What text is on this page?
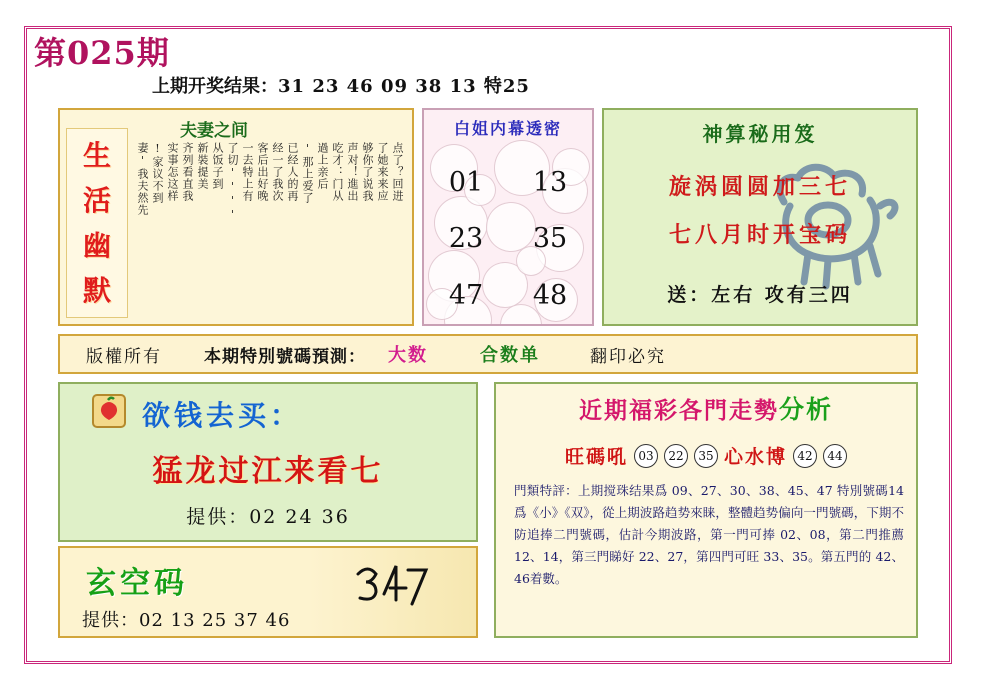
第025期
上期开奖结果：31 23 46 09 38 13 特25
夫妻之间
生
活
幽
默
点了？回进
了她来来应
够你了说我
声对！進出
吃才：门从
過上亲后
'那上爱了
已经人的再
经一了我次
客后出好晚
一去特上有
了切''''
从饭子到
新裝提美
齐列看直我
实事怎这样
!家议不到
妻'我夫然先
白姐内幕透密
01 13
23 35
47 48
神算秘用笈
旋涡圆圆加三七
七八月时开宝码
送：左右 攻有三四
版權所有 本期特別號碼預測： 大数	合数单	翻印必究
欲钱去买：
猛龙过江来看七
提供：02 24 36
玄空码
提供：02 13 25 37 46
近期福彩各門走勢分析
旺碼吼 03	22	35 心水博 42	44
門類特評：上期搅珠结果爲 09、27、30、38、45、47 特別號碼14爲《小》《双》，從上期波路趋势來睐，整體趋势偏向一門號碼，下期不防追捧二門號碼，估計今期波路，第一門可捧 02、08，第二門推薦 12、14，第三門睇好 22、27，第四門可旺 33、35。第五門的 42、46着數。
